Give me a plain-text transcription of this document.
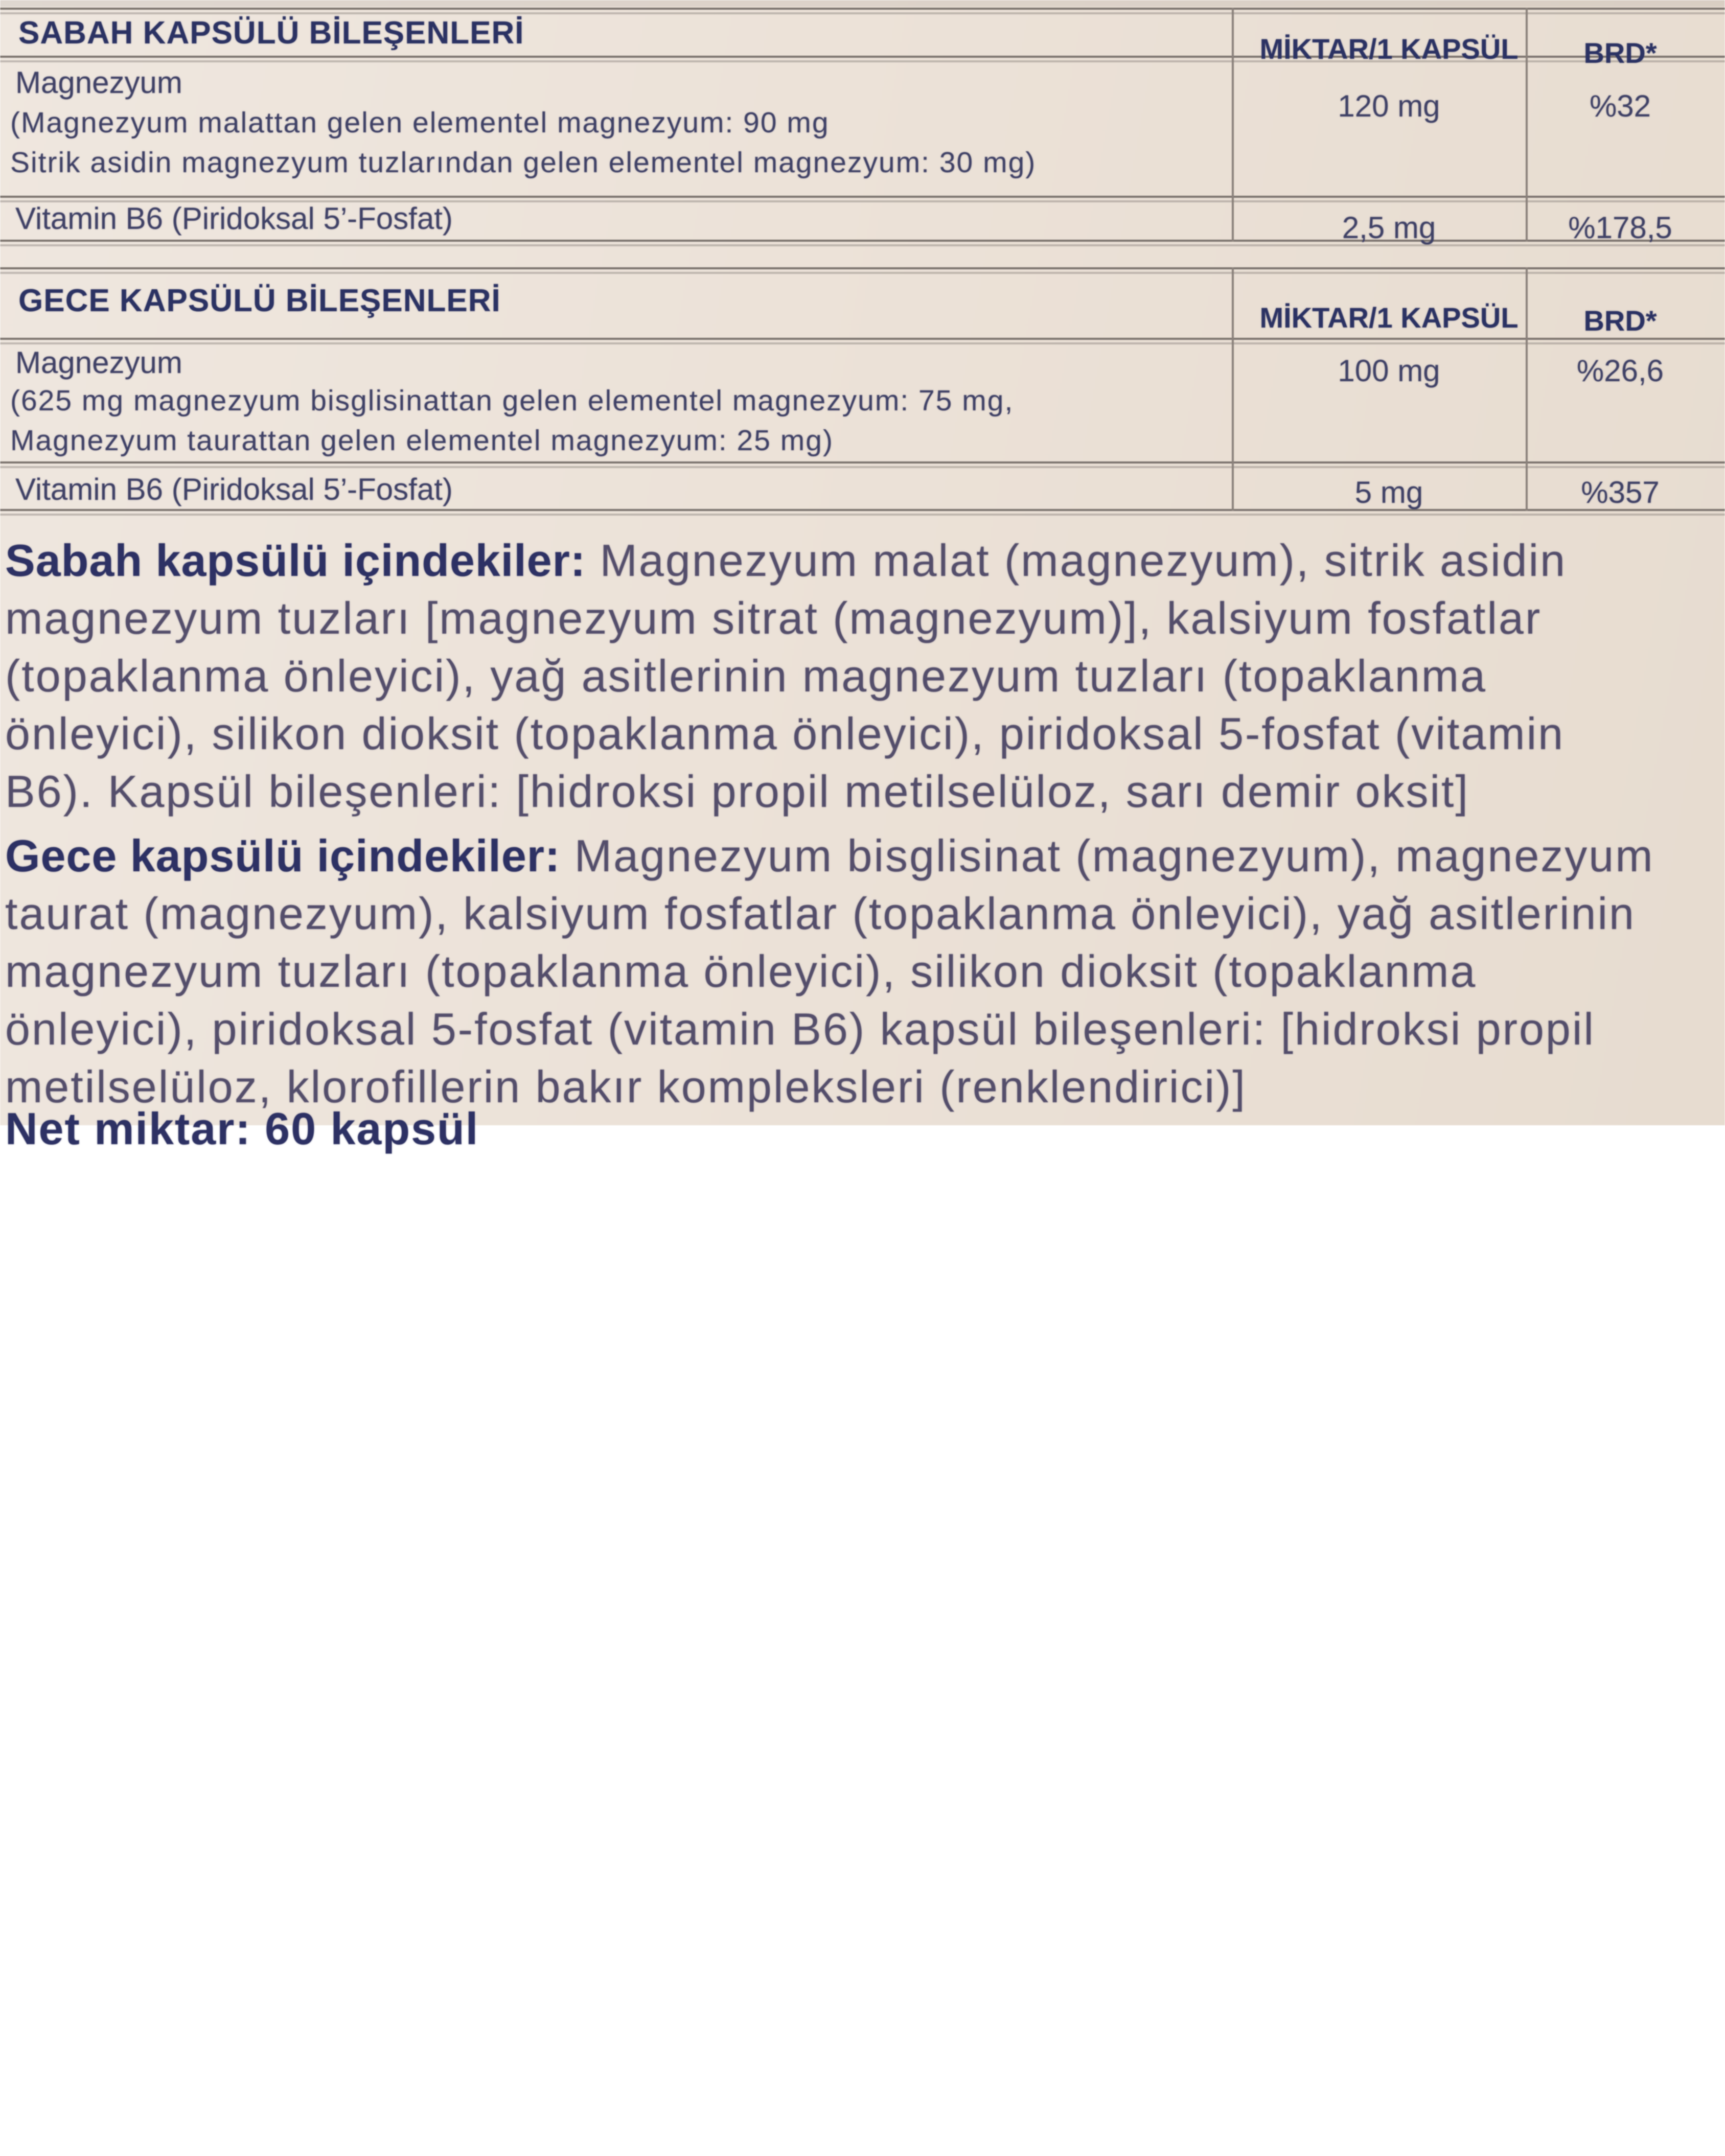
SABAH KAPSÜLÜ BİLEŞENLERİ	MİKTAR/1 KAPSÜL	BRD*
Magnezyum
(Magnezyum malattan gelen elementel magnezyum: 90 mg
Sitrik asidin magnezyum tuzlarından gelen elementel magnezyum: 30 mg)
120 mg	%32
Vitamin B6 (Piridoksal 5’-Fosfat)	2,5 mg	%178,5
GECE KAPSÜLÜ BİLEŞENLERİ	MİKTAR/1 KAPSÜL	BRD*
Magnezyum
(625 mg magnezyum bisglisinattan gelen elementel magnezyum: 75 mg,
Magnezyum taurattan gelen elementel magnezyum: 25 mg)
100 mg	%26,6
Vitamin B6 (Piridoksal 5’-Fosfat)	5 mg	%357
Sabah kapsülü içindekiler: Magnezyum malat (magnezyum), sitrik asidin
magnezyum tuzları [magnezyum sitrat (magnezyum)], kalsiyum fosfatlar
(topaklanma önleyici), yağ asitlerinin magnezyum tuzları (topaklanma
önleyici), silikon dioksit (topaklanma önleyici), piridoksal 5-fosfat (vitamin
B6). Kapsül bileşenleri: [hidroksi propil metilselüloz, sarı demir oksit]
Gece kapsülü içindekiler: Magnezyum bisglisinat (magnezyum), magnezyum
taurat (magnezyum), kalsiyum fosfatlar (topaklanma önleyici), yağ asitlerinin
magnezyum tuzları (topaklanma önleyici), silikon dioksit (topaklanma
önleyici), piridoksal 5-fosfat (vitamin B6) kapsül bileşenleri: [hidroksi propil
metilselüloz, klorofillerin bakır kompleksleri (renklendirici)]
Net miktar: 60 kapsül
